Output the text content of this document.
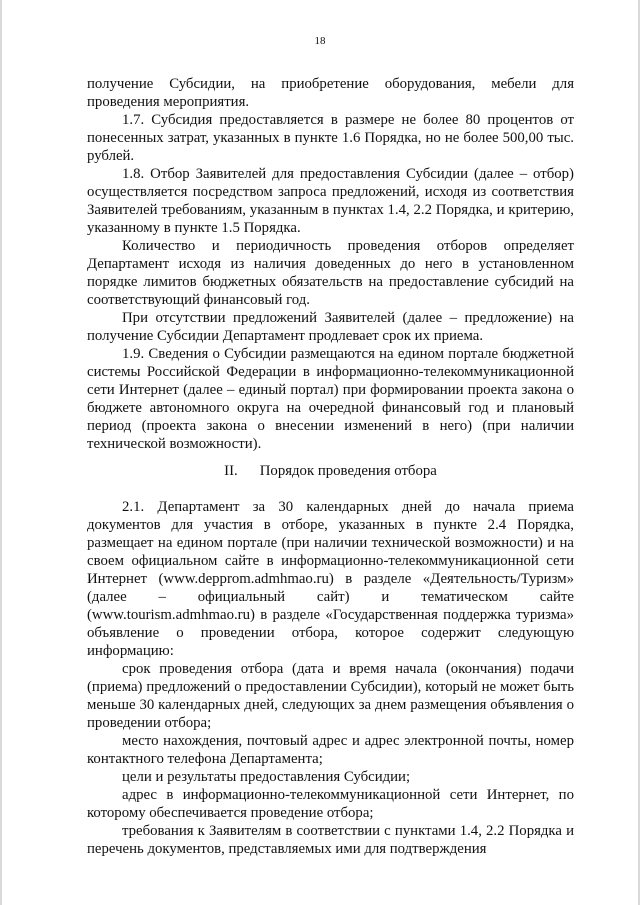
18

получение Субсидии, на приобретение оборудования, мебели для проведения мероприятия.

1.7. Субсидия предоставляется в размере не более 80 процентов от понесенных затрат, указанных в пункте 1.6 Порядка, но не более 500,00 тыс. рублей.

1.8. Отбор Заявителей для предоставления Субсидии (далее – отбор) осуществляется посредством запроса предложений, исходя из соответствия Заявителей требованиям, указанным в пунктах 1.4, 2.2 Порядка, и критерию, указанному в пункте 1.5 Порядка.

Количество и периодичность проведения отборов определяет Департамент исходя из наличия доведенных до него в установленном порядке лимитов бюджетных обязательств на предоставление субсидий на соответствующий финансовый год.

При отсутствии предложений Заявителей (далее – предложение) на получение Субсидии Департамент продлевает срок их приема.

1.9. Сведения о Субсидии размещаются на едином портале бюджетной системы Российской Федерации в информационно-телекоммуникационной сети Интернет (далее – единый портал) при формировании проекта закона о бюджете автономного округа на очередной финансовый год и плановый период (проекта закона о внесении изменений в него) (при наличии технической возможности).

II. Порядок проведения отбора

2.1. Департамент за 30 календарных дней до начала приема документов для участия в отборе, указанных в пункте 2.4 Порядка, размещает на едином портале (при наличии технической возможности) и на своем официальном сайте в информационно-телекоммуникационной сети Интернет (www.depprom.admhmao.ru) в разделе «Деятельность/Туризм» (далее – официальный сайт) и тематическом сайте (www.tourism.admhmao.ru) в разделе «Государственная поддержка туризма» объявление о проведении отбора, которое содержит следующую информацию:

срок проведения отбора (дата и время начала (окончания) подачи (приема) предложений о предоставлении Субсидии), который не может быть меньше 30 календарных дней, следующих за днем размещения объявления о проведении отбора;

место нахождения, почтовый адрес и адрес электронной почты, номер контактного телефона Департамента;

цели и результаты предоставления Субсидии;

адрес в информационно-телекоммуникационной сети Интернет, по которому обеспечивается проведение отбора;

требования к Заявителям в соответствии с пунктами 1.4, 2.2 Порядка и перечень документов, представляемых ими для подтверждения
